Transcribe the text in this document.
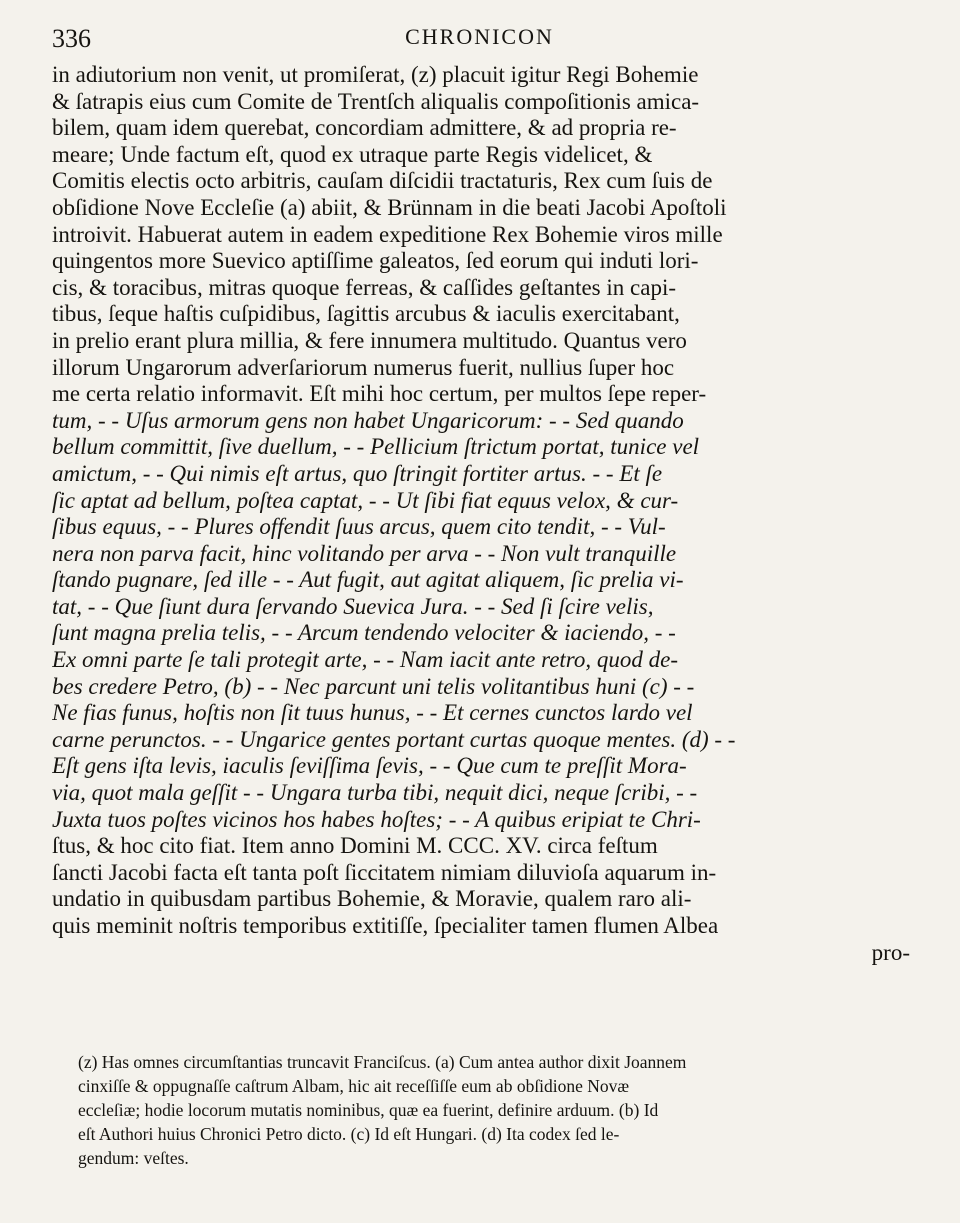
336	CHRONICON
in adiutorium non venit, ut promiſerat, (z) placuit igitur Regi Bohemie
& ſatrapis eius cum Comite de Trentſch aliqualis compoſitionis amica-
bilem, quam idem querebat, concordiam admittere, & ad propria re-
meare; Unde factum eſt, quod ex utraque parte Regis videlicet, &
Comitis electis octo arbitris, cauſam diſcidii tractaturis, Rex cum ſuis de
obſidione Nove Eccleſie (a) abiit, & Brünnam in die beati Jacobi Apoſtoli
introivit. Habuerat autem in eadem expeditione Rex Bohemie viros mille
quingentos more Suevico aptiſſime galeatos, ſed eorum qui induti lori-
cis, & toracibus, mitras quoque ferreas, & caſſides geſtantes in capi-
tibus, ſeque haſtis cuſpidibus, ſagittis arcubus & iaculis exercitabant,
in prelio erant plura millia, & fere innumera multitudo. Quantus vero
illorum Ungarorum adverſariorum numerus fuerit, nullius ſuper hoc
me certa relatio informavit. Eſt mihi hoc certum, per multos ſepe reper-
tum, - - Uſus armorum gens non habet Ungaricorum: - - Sed quando
bellum committit, ſive duellum, - - Pellicium ſtrictum portat, tunice vel
amictum, - - Qui nimis eſt artus, quo ſtringit fortiter artus. - - Et ſe
ſic aptat ad bellum, poſtea captat, - - Ut ſibi fiat equus velox, & cur-
ſibus equus, - - Plures offendit ſuus arcus, quem cito tendit, - - Vul-
nera non parva facit, hinc volitando per arva - - Non vult tranquille
ſtando pugnare, ſed ille - - Aut fugit, aut agitat aliquem, ſic prelia vi-
tat, - - Que ſiunt dura ſervando Suevica Jura. - - Sed ſi ſcire velis,
ſunt magna prelia telis, - - Arcum tendendo velociter & iaciendo, - -
Ex omni parte ſe tali protegit arte, - - Nam iacit ante retro, quod de-
bes credere Petro, (b) - - Nec parcunt uni telis volitantibus huni (c) - -
Ne fias funus, hoſtis non ſit tuus hunus, - - Et cernes cunctos lardo vel
carne perunctos. - - Ungarice gentes portant curtas quoque mentes. (d) - -
Eſt gens iſta levis, iaculis ſeviſſima ſevis, - - Que cum te preſſit Mora-
via, quot mala geſſit - - Ungara turba tibi, nequit dici, neque ſcribi, - -
Juxta tuos poſtes vicinos hos habes hoſtes; - - A quibus eripiat te Chri-
ſtus, & hoc cito fiat. Item anno Domini M. CCC. XV. circa feſtum
ſancti Jacobi facta eſt tanta poſt ſiccitatem nimiam diluvioſa aquarum in-
undatio in quibusdam partibus Bohemie, & Moravie, qualem raro ali-
quis meminit noſtris temporibus extitiſſe, ſpecialiter tamen flumen Albea
pro-
(z) Has omnes circumſtantias truncavit Franciſcus. (a) Cum antea author dixit Joannem
cinxiſſe & oppugnaſſe caſtrum Albam, hic ait receſſiſſe eum ab obſidione Novæ
eccleſiæ; hodie locorum mutatis nominibus, quæ ea fuerint, definire arduum. (b) Id
eſt Authori huius Chronici Petro dicto. (c) Id eſt Hungari. (d) Ita codex ſed le-
gendum: veſtes.
